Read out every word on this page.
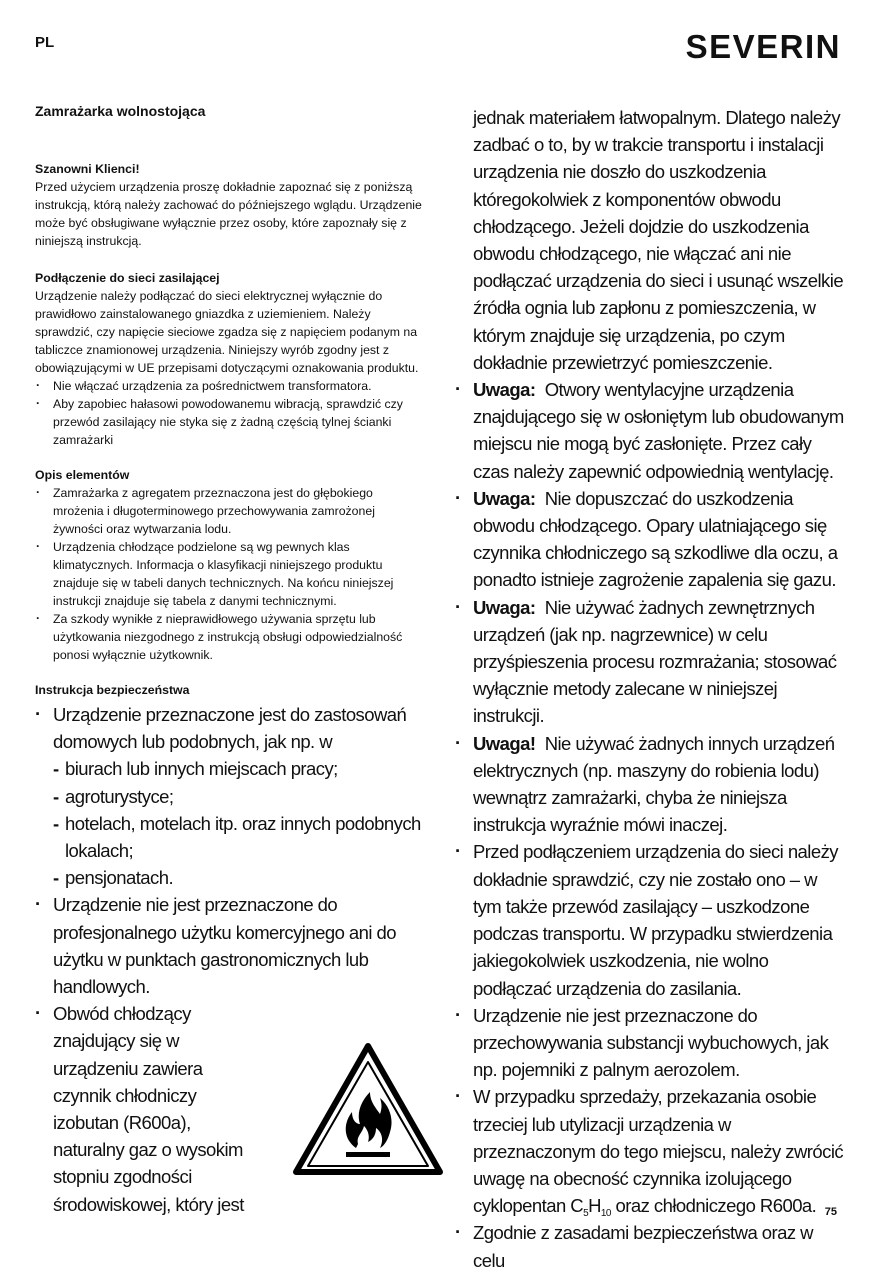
PL	SEVERIN
Zamrażarka wolnostojąca

Szanowni Klienci!

Przed użyciem urządzenia proszę dokładnie zapoznać się z poniższą instrukcją, którą należy zachować do późniejszego wglądu. Urządzenie może być obsługiwane wyłącznie przez osoby, które zapoznały się z niniejszą instrukcją.

Podłączenie do sieci zasilającej

Urządzenie należy podłączać do sieci elektrycznej wyłącznie do prawidłowo zainstalowanego gniazdka z uziemieniem. Należy sprawdzić, czy napięcie sieciowe zgadza się z napięciem podanym na tabliczce znamionowej urządzenia. Niniejszy wyrób zgodny jest z obowiązującymi w UE przepisami dotyczącymi oznakowania produktu.

· Nie włączać urządzenia za pośrednictwem transformatora.
· Aby zapobiec hałasowi powodowanemu wibracją, sprawdzić czy przewód zasilający nie styka się z żadną częścią tylnej ścianki zamrażarki

Opis elementów

· Zamrażarka z agregatem przeznaczona jest do głębokiego mrożenia i długoterminowego przechowywania zamrożonej żywności oraz wytwarzania lodu.
· Urządzenia chłodzące podzielone są wg pewnych klas klimatycznych. Informacja o klasyfikacji niniejszego produktu znajduje się w tabeli danych technicznych. Na końcu niniejszej instrukcji znajduje się tabela z danymi technicznymi.
· Za szkody wynikłe z nieprawidłowego używania sprzętu lub użytkowania niezgodnego z instrukcją obsługi odpowiedzialność ponosi wyłącznie użytkownik.

Instrukcja bezpieczeństwa

· Urządzenie przeznaczone jest do zastosowań domowych lub podobnych, jak np. w
- biurach lub innych miejscach pracy;
- agroturystyce;
- hotelach, motelach itp. oraz innych podobnych lokalach;
- pensjonatach.
· Urządzenie nie jest przeznaczone do profesjonalnego użytku komercyjnego ani do użytku w punktach gastronomicznych lub handlowych.
· Obwód chłodzący znajdujący się w urządzeniu zawiera czynnik chłodniczy izobutan (R600a), naturalny gaz o wysokim stopniu zgodności środowiskowej, który jest

jednak materiałem łatwopalnym. Dlatego należy zadbać o to, by w trakcie transportu i instalacji urządzenia nie doszło do uszkodzenia któregokolwiek z komponentów obwodu chłodzącego. Jeżeli dojdzie do uszkodzenia obwodu chłodzącego, nie włączać ani nie podłączać urządzenia do sieci i usunąć wszelkie źródła ognia lub zapłonu z pomieszczenia, w którym znajduje się urządzenia, po czym dokładnie przewietrzyć pomieszczenie.

· Uwaga: Otwory wentylacyjne urządzenia znajdującego się w osłoniętym lub obudowanym miejscu nie mogą być zasłonięte. Przez cały czas należy zapewnić odpowiednią wentylację.
· Uwaga: Nie dopuszczać do uszkodzenia obwodu chłodzącego. Opary ulatniającego się czynnika chłodniczego są szkodliwe dla oczu, a ponadto istnieje zagrożenie zapalenia się gazu.
· Uwaga: Nie używać żadnych zewnętrznych urządzeń (jak np. nagrzewnice) w celu przyśpieszenia procesu rozmrażania; stosować wyłącznie metody zalecane w niniejszej instrukcji.
· Uwaga! Nie używać żadnych innych urządzeń elektrycznych (np. maszyny do robienia lodu) wewnątrz zamrażarki, chyba że niniejsza instrukcja wyraźnie mówi inaczej.
· Przed podłączeniem urządzenia do sieci należy dokładnie sprawdzić, czy nie zostało ono – w tym także przewód zasilający – uszkodzone podczas transportu. W przypadku stwierdzenia jakiegokolwiek uszkodzenia, nie wolno podłączać urządzenia do zasilania.
· Urządzenie nie jest przeznaczone do przechowywania substancji wybuchowych, jak np. pojemniki z palnym aerozolem.
· W przypadku sprzedaży, przekazania osobie trzeciej lub utylizacji urządzenia w przeznaczonym do tego miejscu, należy zwrócić uwagę na obecność czynnika izolującego cyklopentan $C_5H_{10}$ oraz chłodniczego R600a.
· Zgodnie z zasadami bezpieczeństwa oraz w celu
75
